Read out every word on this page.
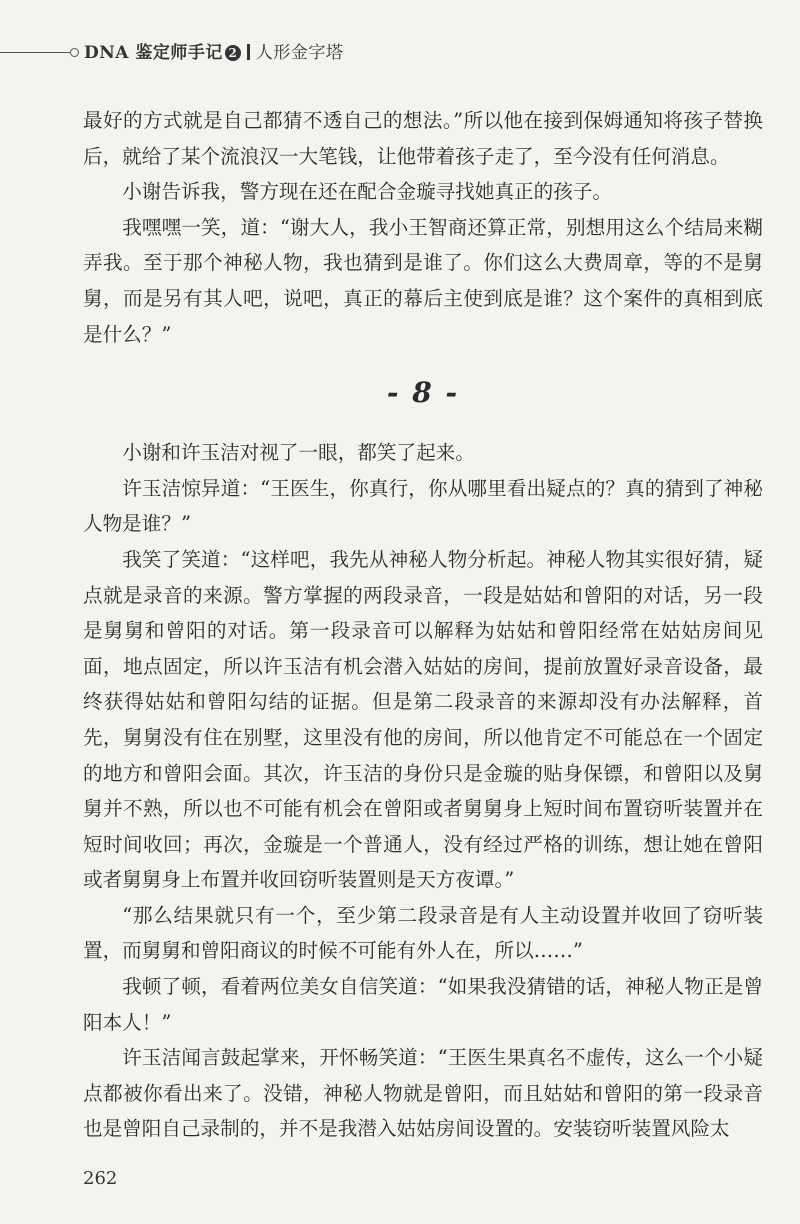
DNA 鉴定师手记 2 人形金字塔

最好的方式就是自己都猜不透自己的想法。”所以他在接到保姆通知将孩子替换后，就给了某个流浪汉一大笔钱，让他带着孩子走了，至今没有任何消息。

小谢告诉我，警方现在还在配合金璇寻找她真正的孩子。

我嘿嘿一笑，道：“谢大人，我小王智商还算正常，别想用这么个结局来糊弄我。至于那个神秘人物，我也猜到是谁了。你们这么大费周章，等的不是舅舅，而是另有其人吧，说吧，真正的幕后主使到底是谁？这个案件的真相到底是什么？”

- 8 -

小谢和许玉洁对视了一眼，都笑了起来。

许玉洁惊异道：“王医生，你真行，你从哪里看出疑点的？真的猜到了神秘人物是谁？”

我笑了笑道：“这样吧，我先从神秘人物分析起。神秘人物其实很好猜，疑点就是录音的来源。警方掌握的两段录音，一段是姑姑和曾阳的对话，另一段是舅舅和曾阳的对话。第一段录音可以解释为姑姑和曾阳经常在姑姑房间见面，地点固定，所以许玉洁有机会潜入姑姑的房间，提前放置好录音设备，最终获得姑姑和曾阳勾结的证据。但是第二段录音的来源却没有办法解释，首先，舅舅没有住在别墅，这里没有他的房间，所以他肯定不可能总在一个固定的地方和曾阳会面。其次，许玉洁的身份只是金璇的贴身保镖，和曾阳以及舅舅并不熟，所以也不可能有机会在曾阳或者舅舅身上短时间布置窃听装置并在短时间收回；再次，金璇是一个普通人，没有经过严格的训练，想让她在曾阳或者舅舅身上布置并收回窃听装置则是天方夜谭。”

“那么结果就只有一个，至少第二段录音是有人主动设置并收回了窃听装置，而舅舅和曾阳商议的时候不可能有外人在，所以……”

我顿了顿，看着两位美女自信笑道：“如果我没猜错的话，神秘人物正是曾阳本人！”

许玉洁闻言鼓起掌来，开怀畅笑道：“王医生果真名不虚传，这么一个小疑点都被你看出来了。没错，神秘人物就是曾阳，而且姑姑和曾阳的第一段录音也是曾阳自己录制的，并不是我潜入姑姑房间设置的。安装窃听装置风险太

262
